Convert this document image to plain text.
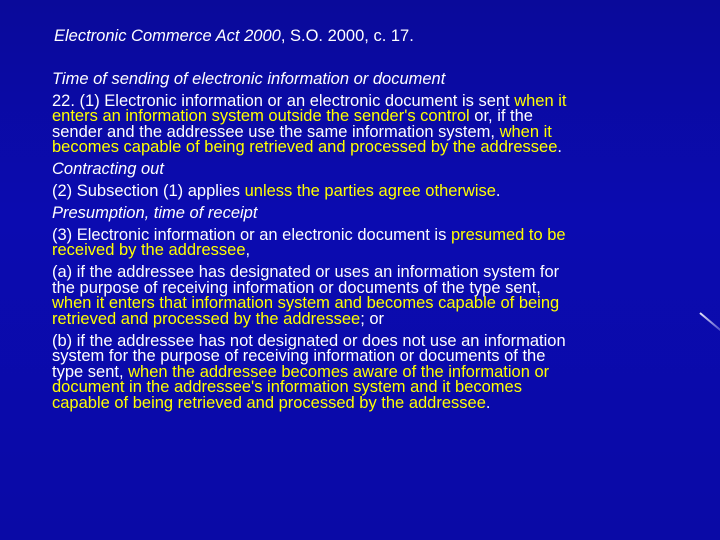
Electronic Commerce Act 2000, S.O. 2000, c. 17.
Time of sending of electronic information or document
22. (1) Electronic information or an electronic document is sent when it
enters an information system outside the sender's control or, if the
sender and the addressee use the same information system, when it
becomes capable of being retrieved and processed by the addressee.
Contracting out
(2) Subsection (1) applies unless the parties agree otherwise.
Presumption, time of receipt
(3) Electronic information or an electronic document is presumed to be
received by the addressee,
(a) if the addressee has designated or uses an information system for
the purpose of receiving information or documents of the type sent,
when it enters that information system and becomes capable of being
retrieved and processed by the addressee; or
(b) if the addressee has not designated or does not use an information
system for the purpose of receiving information or documents of the
type sent, when the addressee becomes aware of the information or
document in the addressee's information system and it becomes
capable of being retrieved and processed by the addressee.
